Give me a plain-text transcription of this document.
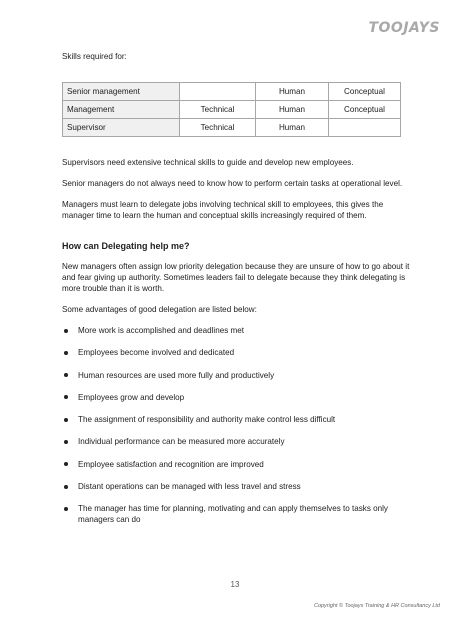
TOOJAYS

Skills required for:

Senior management		Human	Conceptual
Management	Technical	Human	Conceptual
Supervisor	Technical	Human	

Supervisors need extensive technical skills to guide and develop new employees.

Senior managers do not always need to know how to perform certain tasks at operational level.

Managers must learn to delegate jobs involving technical skill to employees, this gives the manager time to learn the human and conceptual skills increasingly required of them.

How can Delegating help me?

New managers often assign low priority delegation because they are unsure of how to go about it and fear giving up authority. Sometimes leaders fail to delegate because they think delegating is more trouble than it is worth.

Some advantages of good delegation are listed below:

More work is accomplished and deadlines met
Employees become involved and dedicated
Human resources are used more fully and productively
Employees grow and develop
The assignment of responsibility and authority make control less difficult
Individual performance can be measured more accurately
Employee satisfaction and recognition are improved
Distant operations can be managed with less travel and stress
The manager has time for planning, motivating and can apply themselves to tasks only managers can do
13
Copyright © Toojays Training & HR Consultancy Ltd
